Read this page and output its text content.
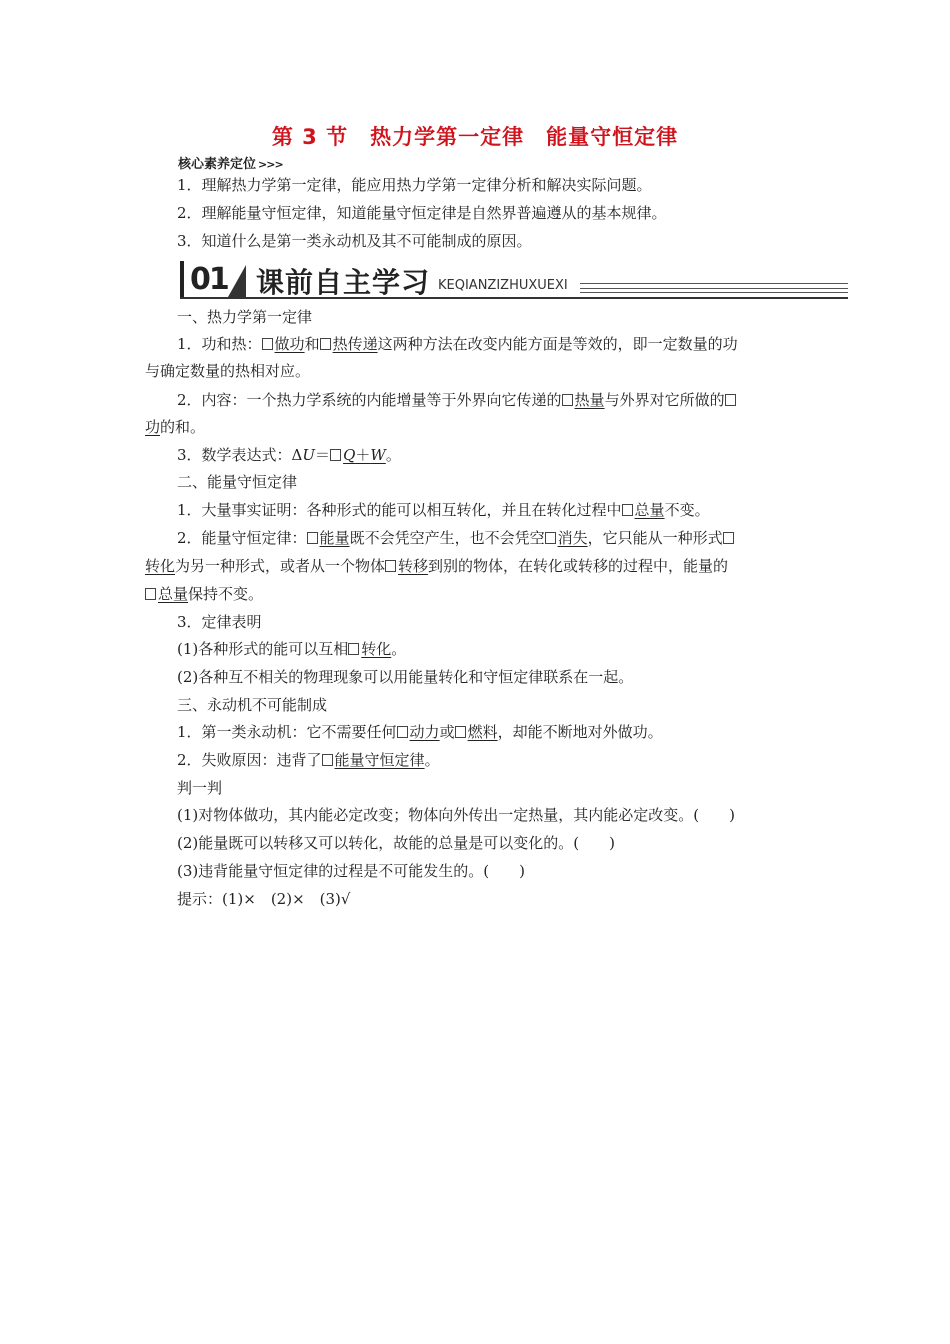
第 3 节　热力学第一定律　能量守恒定律
核心素养定位 >>>
1．理解热力学第一定律，能应用热力学第一定律分析和解决实际问题。
2．理解能量守恒定律，知道能量守恒定律是自然界普遍遵从的基本规律。
3．知道什么是第一类永动机及其不可能制成的原因。
01	课前自主学习 KEQIANZIZHUXUEXI
一、热力学第一定律
1．功和热： 做功和 热传递这两种方法在改变内能方面是等效的，即一定数量的功
与确定数量的热相对应。
2．内容：一个热力学系统的内能增量等于外界向它传递的 热量与外界对它所做的
功的和。
3．数学表达式：ΔU＝ Q＋W。
二、能量守恒定律
1．大量事实证明：各种形式的能可以相互转化，并且在转化过程中 总量不变。
2．能量守恒定律： 能量既不会凭空产生，也不会凭空 消失，它只能从一种形式
转化为另一种形式，或者从一个物体 转移到别的物体，在转化或转移的过程中，能量的
总量保持不变。
3．定律表明
(1)各种形式的能可以互相 转化。
(2)各种互不相关的物理现象可以用能量转化和守恒定律联系在一起。
三、永动机不可能制成
1．第一类永动机：它不需要任何 动力或 燃料，却能不断地对外做功。
2．失败原因：违背了 能量守恒定律。
判一判
(1)对物体做功，其内能必定改变；物体向外传出一定热量，其内能必定改变。(　　)
(2)能量既可以转移又可以转化，故能的总量是可以变化的。(　　)
(3)违背能量守恒定律的过程是不可能发生的。(　　)
提示：(1)×　(2)×　(3)√
